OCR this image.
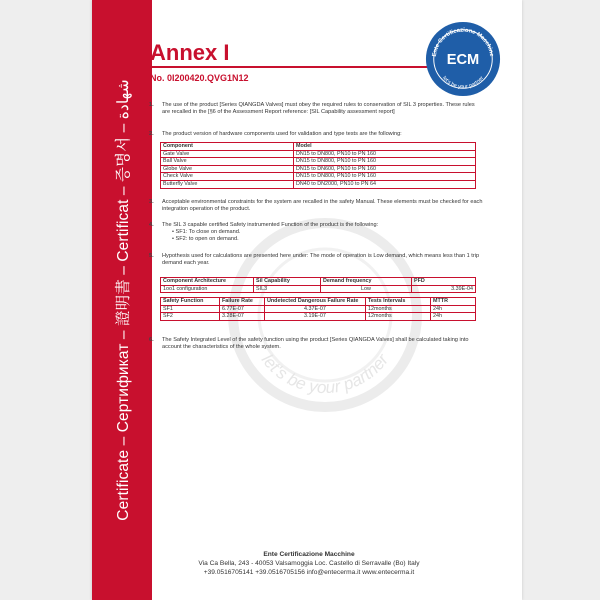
Certificate – Сертификат – 證明書 – Certificat – 증명서 – شهادة
Annex I
No. 0I200420.QVG1N12
Ente Certificazione Macchine
ECM
let's be your partner
let's be your partner
1. The use of the product [Series QIANGDA Valves] must obey the required rules to conservation of SIL 3 properties. These rules are recalled in the [§6 of the Assessment Report reference: [SIL Capability assessment report]
2. The product version of hardware components used for validation and type tests are the following:
Component	Model
Gate Valve	DN15 to DN800, PN10 to PN 160
Ball Valve	DN15 to DN800, PN10 to PN 160
Globe Valve	DN15 to DN600, PN10 to PN 160
Check Valve	DN15 to DN800, PN10 to PN 160
Butterfly Valve	DN40 to DN2000, PN10 to PN 64
3. Acceptable environmental constraints for the system are recalled in the safety Manual. These elements must be checked for each integration operation of the product.
4. The SIL 3 capable certified Safety instrumented Function of the product is the following:
• SF1: To close on demand.
• SF2: to open on demand.
5. Hypothesis used for calculations are presented here under: The mode of operation is Low demand, which means less than 1 trip demand each year.
Component Architecture	Sil Capability	Demand frequency	PFD
1oo1 configuration	SIL3	Low	3.39E-04
Safety Function	Failure Rate	Undetected Dangerous Failure Rate	Tests Intervals	MTTR
SF1	6.77E-07	4.37E-07	12months	24h
SF2	3.28E-07	3.19E-07	12months	24h
6. The Safety Integrated Level of the safety function using the product [Series QIANGDA Valves] shall be calculated taking into account the characteristics of the whole system.
Ente Certificazione Macchine
Via Ca Bella, 243 - 40053 Valsamoggia Loc. Castello di Serravalle (Bo) Italy
+39.0516705141 +39.0516705156 info@entecerma.it www.entecerma.it
